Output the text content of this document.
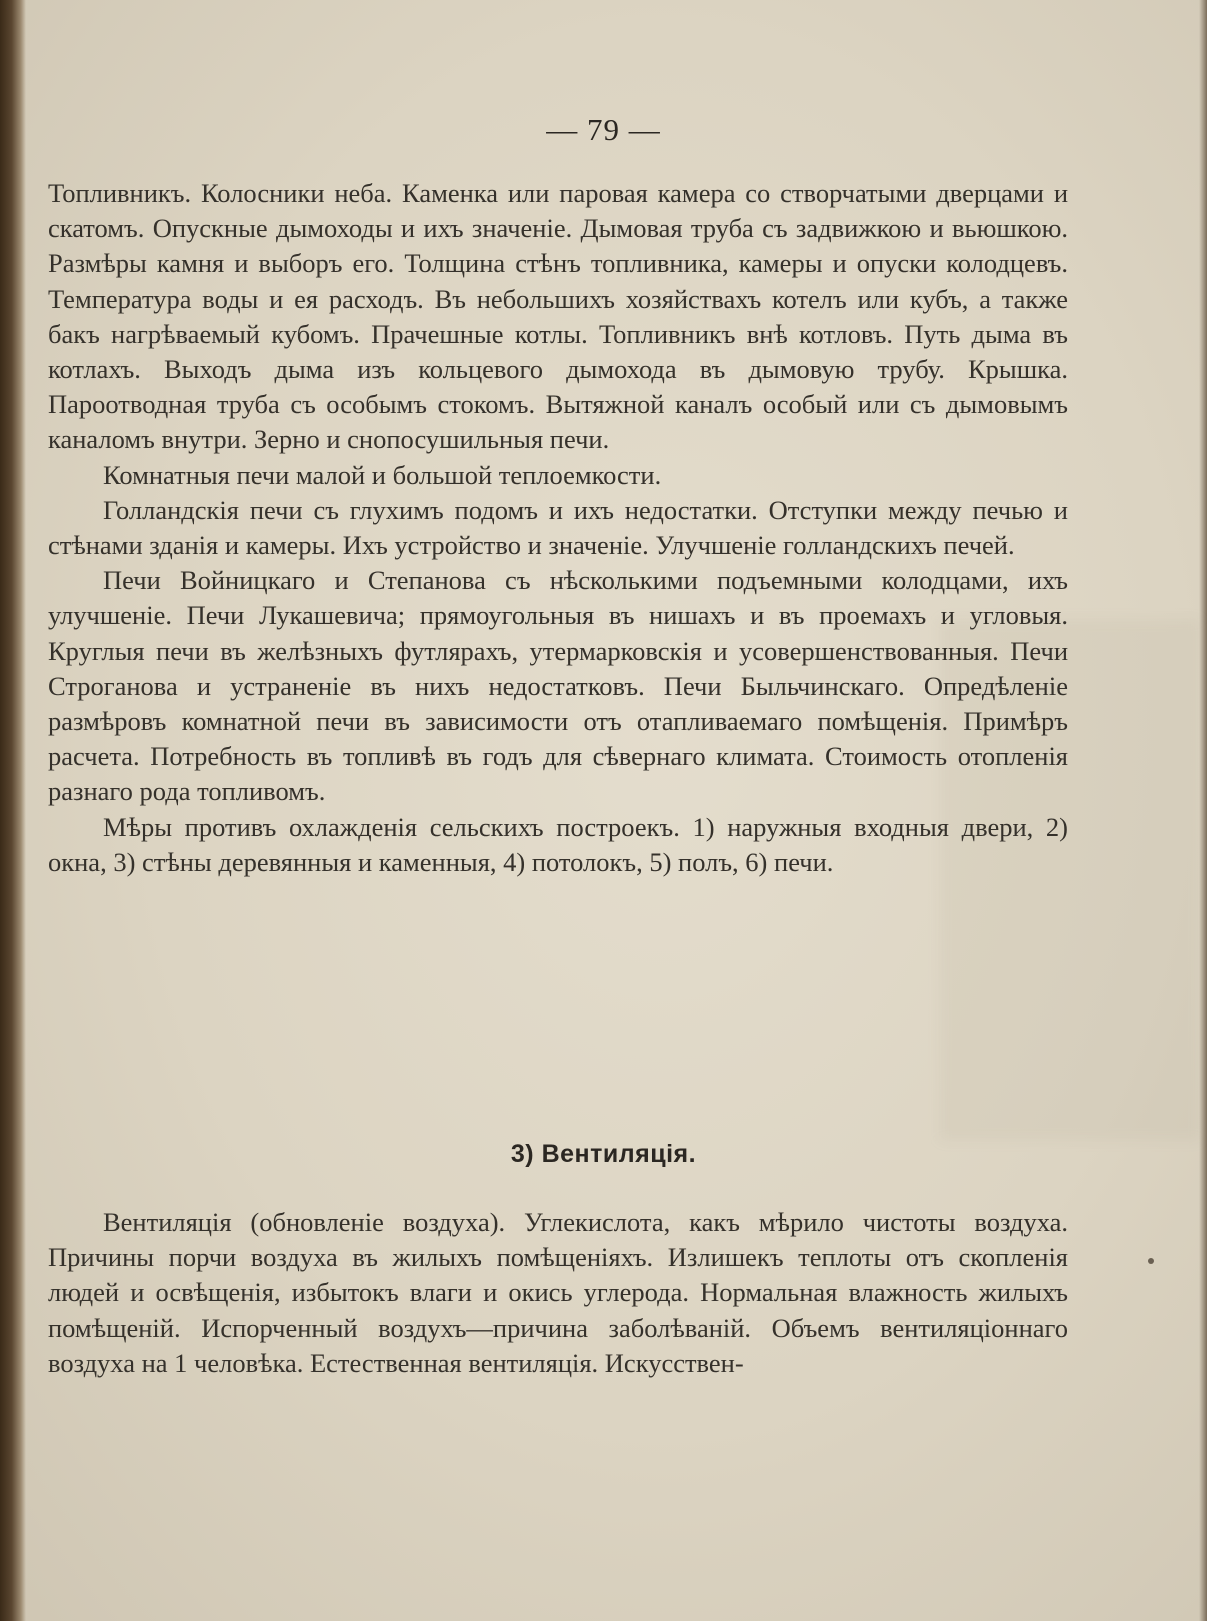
— 79 —

Топливникъ. Колосники неба. Каменка или паровая камера со створчатыми дверцами и скатомъ. Опускные дымоходы и ихъ значеніе. Дымовая труба съ задвижкою и вьюшкою. Размѣры камня и выборъ его. Толщина стѣнъ топливника, камеры и опуски колодцевъ. Температура воды и ея расходъ. Въ небольшихъ хозяйствахъ котелъ или кубъ, а также бакъ нагрѣваемый кубомъ. Прачешные котлы. Топливникъ внѣ котловъ. Путь дыма въ котлахъ. Выходъ дыма изъ кольцевого дымохода въ дымовую трубу. Крышка. Пароотводная труба съ особымъ стокомъ. Вытяжной каналъ особый или съ дымовымъ каналомъ внутри. Зерно и снопосушильныя печи.

Комнатныя печи малой и большой теплоемкости.

Голландскія печи съ глухимъ подомъ и ихъ недостатки. Отступки между печью и стѣнами зданія и камеры. Ихъ устройство и значеніе. Улучшеніе голландскихъ печей.

Печи Войницкаго и Степанова съ нѣсколькими подъемными колодцами, ихъ улучшеніе. Печи Лукашевича; прямоугольныя въ нишахъ и въ проемахъ и угловыя. Круглыя печи въ желѣзныхъ футлярахъ, утермарковскія и усовершенствованныя. Печи Строганова и устраненіе въ нихъ недостатковъ. Печи Быльчинскаго. Опредѣленіе размѣровъ комнатной печи въ зависимости отъ отапливаемаго помѣщенія. Примѣръ расчета. Потребность въ топливѣ въ годъ для сѣвернаго климата. Стоимость отопленія разнаго рода топливомъ.

Мѣры противъ охлажденія сельскихъ построекъ. 1) наружныя входныя двери, 2) окна, 3) стѣны деревянныя и каменныя, 4) потолокъ, 5) полъ, 6) печи.

3) Вентиляція.

Вентиляція (обновленіе воздуха). Углекислота, какъ мѣрило чистоты воздуха. Причины порчи воздуха въ жилыхъ помѣщеніяхъ. Излишекъ теплоты отъ скопленія людей и освѣщенія, избытокъ влаги и окись углерода. Нормальная влажность жилыхъ помѣщеній. Испорченный воздухъ—причина заболѣваній. Объемъ вентиляціоннаго воздуха на 1 человѣка. Естественная вентиляція. Искусствен-
